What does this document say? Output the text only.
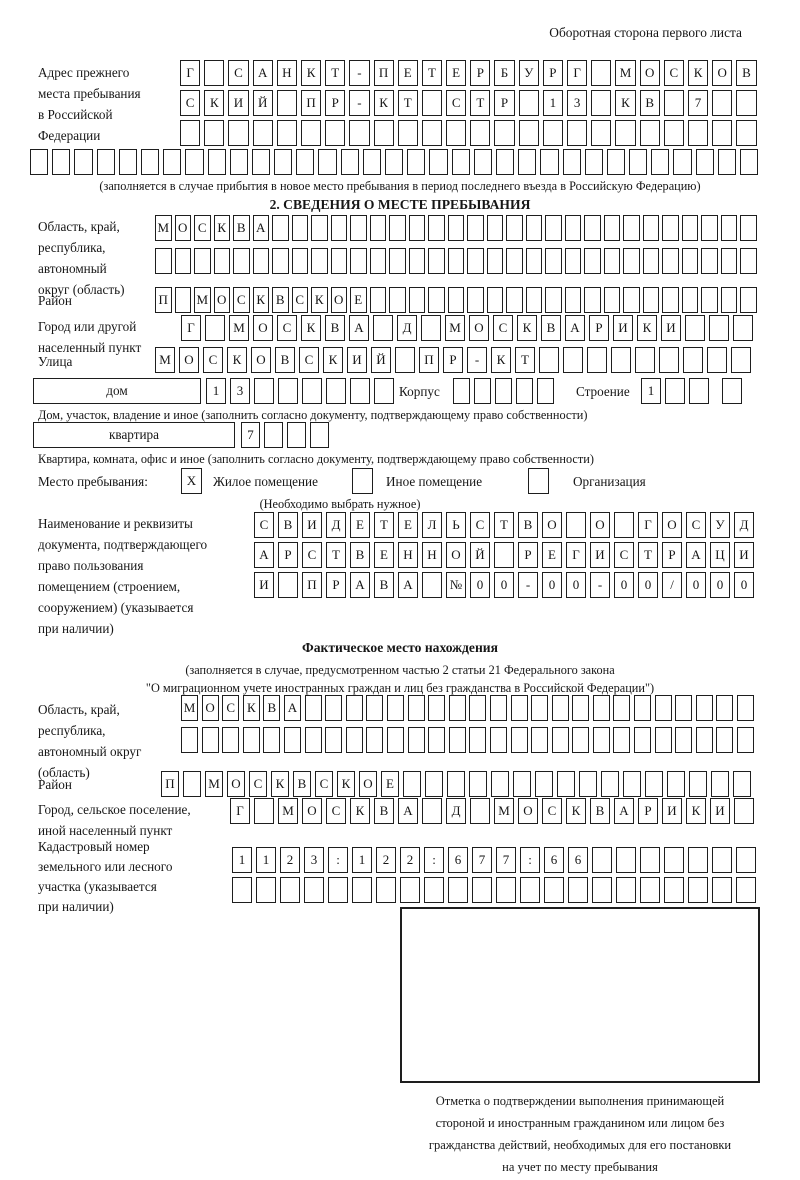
Оборотная сторона первого листа
Адрес прежнего
места пребывания
в Российской
Федерации
Г	С	А	Н	К	Т	-	П	Е	Т	Е	Р	Б	У	Р	Г	М	О	С	К	О	В
С	К	И	Й	П	Р	-	К	Т	С	Т	Р	1	3	К	В	7
(заполняется в случае прибытия в новое место пребывания в период последнего въезда в Российскую Федерацию)
2. СВЕДЕНИЯ О МЕСТЕ ПРЕБЫВАНИЯ
Область, край,
республика,
автономный
округ (область)
М О С К В А
Район	П М О С К В С К О Е
Город или другой
населенный пункт
Г	М	О	С	К	В	А	Д	М	О	С	К	В	А	Р	И	К	И
Улица	М	О	С	К	О	В	С	К	И	Й	П	Р	-	К	Т
дом	1	3	Корпус	Строение	1
Дом, участок, владение и иное (заполнить согласно документу, подтверждающему право собственности)
квартира	7
Квартира, комната, офис и иное (заполнить согласно документу, подтверждающему право собственности)
Место пребывания:	X	Жилое помещение	Иное помещение	Организация
(Необходимо выбрать нужное)
Наименование и реквизиты
документа, подтверждающего
право пользования
помещением (строением,
сооружением) (указывается
при наличии)
С	В	И	Д	Е	Т	Е	Л	Ь	С	Т	В	О	О	Г	О	С	У	Д
А	Р	С	Т	В	Е	Н	Н	О	Й	Р	Е	Г	И	С	Т	Р	А	Ц	И
И	П	Р	А	В	А	№	0	0	-	0	0	-	0	0	/	0	0	0
Фактическое место нахождения
(заполняется в случае, предусмотренном частью 2 статьи 21 Федерального закона
"О миграционном учете иностранных граждан и лиц без гражданства в Российской Федерации")
Область, край,
республика,
автономный округ
М О С К В А
(область)
Район	П	М О С	К	В	С	К О	Е
Город, сельское поселение,
иной населенный пункт
Г	М	О	С	К	В	А	Д	М	О	С	К	В	А	Р	И	К	И
Кадастровый номер
земельного или лесного
участка (указывается
при наличии)
1	1	2	3	:	1	2	2	:	6	7	7	:	6	6
Отметка о подтверждении выполнения принимающей
стороной и иностранным гражданином или лицом без
гражданства действий, необходимых для его постановки
на учет по месту пребывания
